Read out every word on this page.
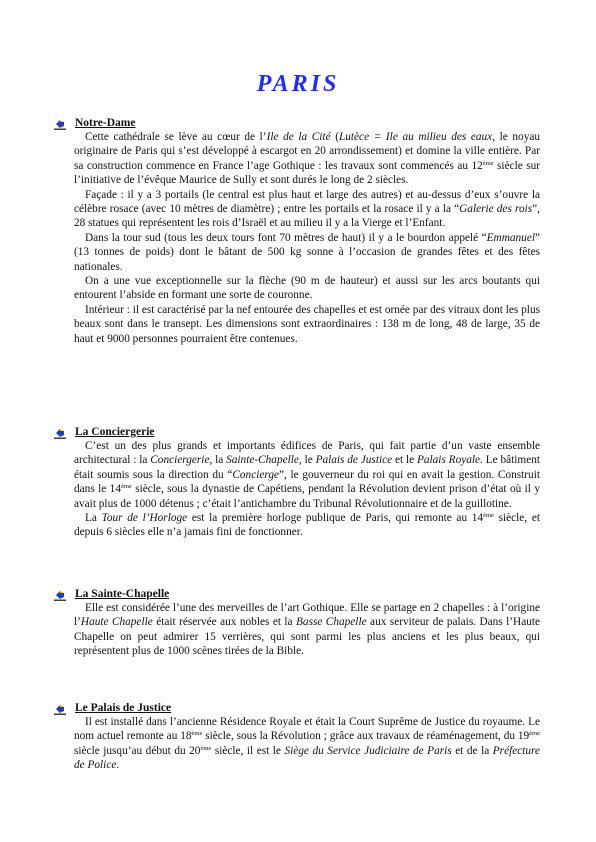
PARIS
Notre-Dame

Cette cathédrale se lève au cœur de l’Ile de la Cité (Lutèce = Ile au milieu des eaux, le noyau originaire de Paris qui s’est développé à escargot en 20 arrondissement) et domine la ville entière. Par sa construction commence en France l’age Gothique : les travaux sont commencés au 12ème siècle sur l’initiative de l’évêque Maurice de Sully et sont durés le long de 2 siècles.

Façade : il y a 3 portails (le central est plus haut et large des autres) et au-dessus d’eux s’ouvre la célèbre rosace (avec 10 mètres de diamètre) ; entre les portails et la rosace il y a la “Galerie des rois”, 28 statues qui représentent les rois d’Israël et au milieu il y a la Vierge et l’Enfant.

Dans la tour sud (tous les deux tours font 70 mètres de haut) il y a le bourdon appelé “Emmanuel” (13 tonnes de poids) dont le bâtant de 500 kg sonne à l’occasion de grandes fêtes et des fêtes nationales.

On a une vue exceptionnelle sur la flèche (90 m de hauteur) et aussi sur les arcs boutants qui entourent l’abside en formant une sorte de couronne.

Intérieur : il est caractérisé par la nef entourée des chapelles et est ornée par des vitraux dont les plus beaux sont dans le transept. Les dimensions sont extraordinaires : 138 m de long, 48 de large, 35 de haut et 9000 personnes pourraient être contenues.

La Conciergerie

C’est un des plus grands et importants édifices de Paris, qui fait partie d’un vaste ensemble architectural : la Conciergerie, la Sainte-Chapelle, le Palais de Justice et le Palais Royale. Le bâtiment était soumis sous la direction du “Concierge”, le gouverneur du roi qui en avait la gestion. Construit dans le 14ème siècle, sous la dynastie de Capétiens, pendant la Révolution devient prison d’état où il y avait plus de 1000 détenus ; c’était l’antichambre du Tribunal Révolutionnaire et de la guillotine.

La Tour de l’Horloge est la première horloge publique de Paris, qui remonte au 14ème siècle, et depuis 6 siècles elle n’a jamais fini de fonctionner.

La Sainte-Chapelle

Elle est considérée l’une des merveilles de l’art Gothique. Elle se partage en 2 chapelles : à l’origine l’Haute Chapelle était réservée aux nobles et la Basse Chapelle aux serviteur de palais. Dans l’Haute Chapelle on peut admirer 15 verrières, qui sont parmi les plus anciens et les plus beaux, qui représentent plus de 1000 scènes tirées de la Bible.

Le Palais de Justice

Il est installé dans l’ancienne Résidence Royale et était la Court Suprême de Justice du royaume. Le nom actuel remonte au 18ème siècle, sous la Révolution ; grâce aux travaux de réaménagement, du 19ème siècle jusqu’au début du 20ème siècle, il est le Siège du Service Judiciaire de Paris et de la Préfecture de Police.
